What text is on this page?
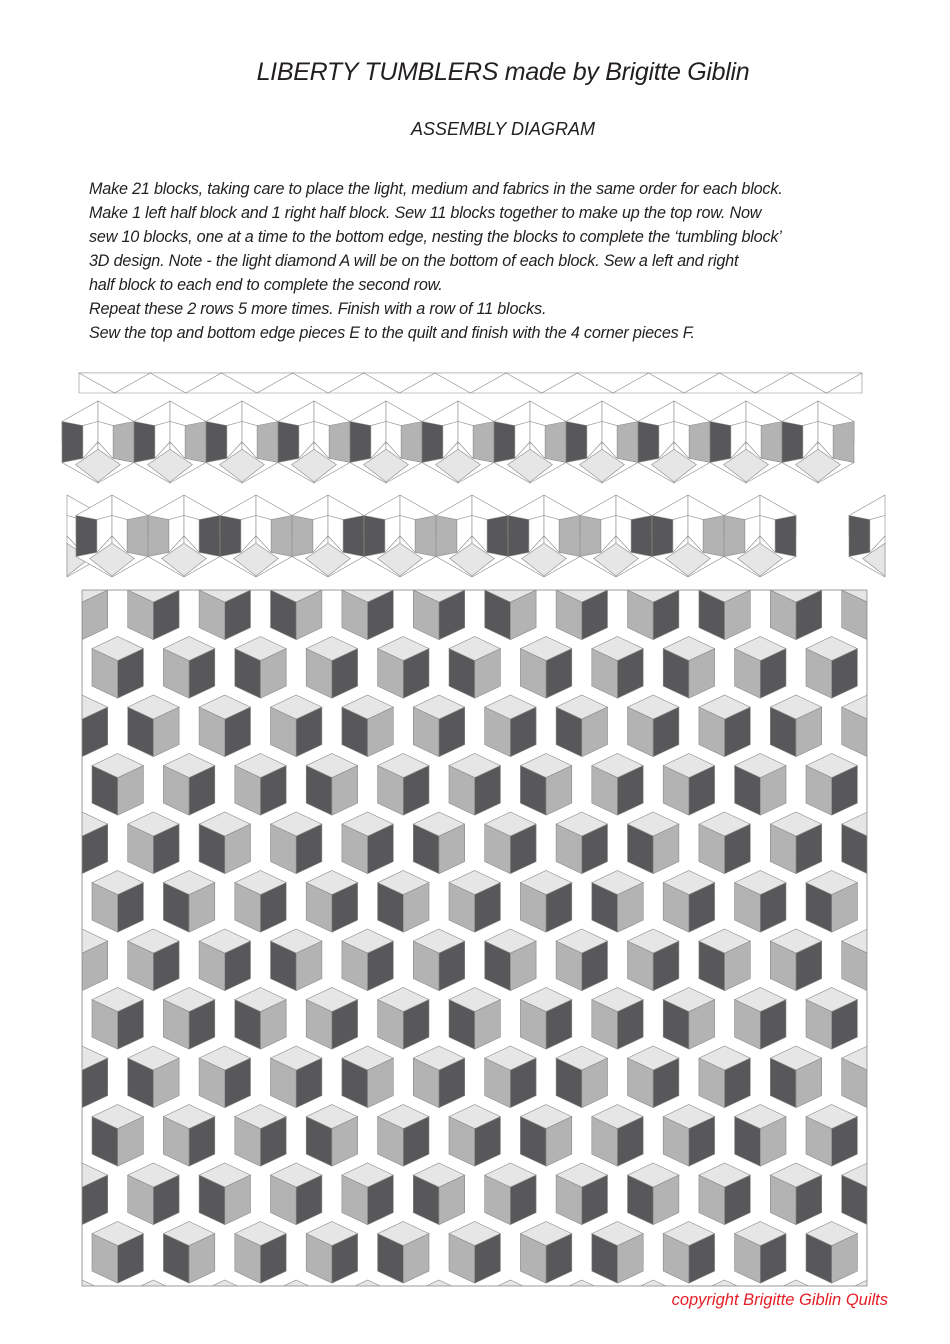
LIBERTY TUMBLERS made by Brigitte Giblin
ASSEMBLY DIAGRAM
Make 21 blocks, taking care to place the light, medium and fabrics in the same order for each block.
Make 1 left half block and 1 right half block. Sew 11 blocks together to make up the top row. Now
sew 10 blocks, one at a time to the bottom edge, nesting the blocks to complete the ‘tumbling block’
3D design. Note - the light diamond A will be on the bottom of each block. Sew a left and right
half block to each end to complete the second row.
Repeat these 2 rows 5 more times. Finish with a row of 11 blocks.
Sew the top and bottom edge pieces E to the quilt and finish with the 4 corner pieces F.
copyright Brigitte Giblin Quilts
